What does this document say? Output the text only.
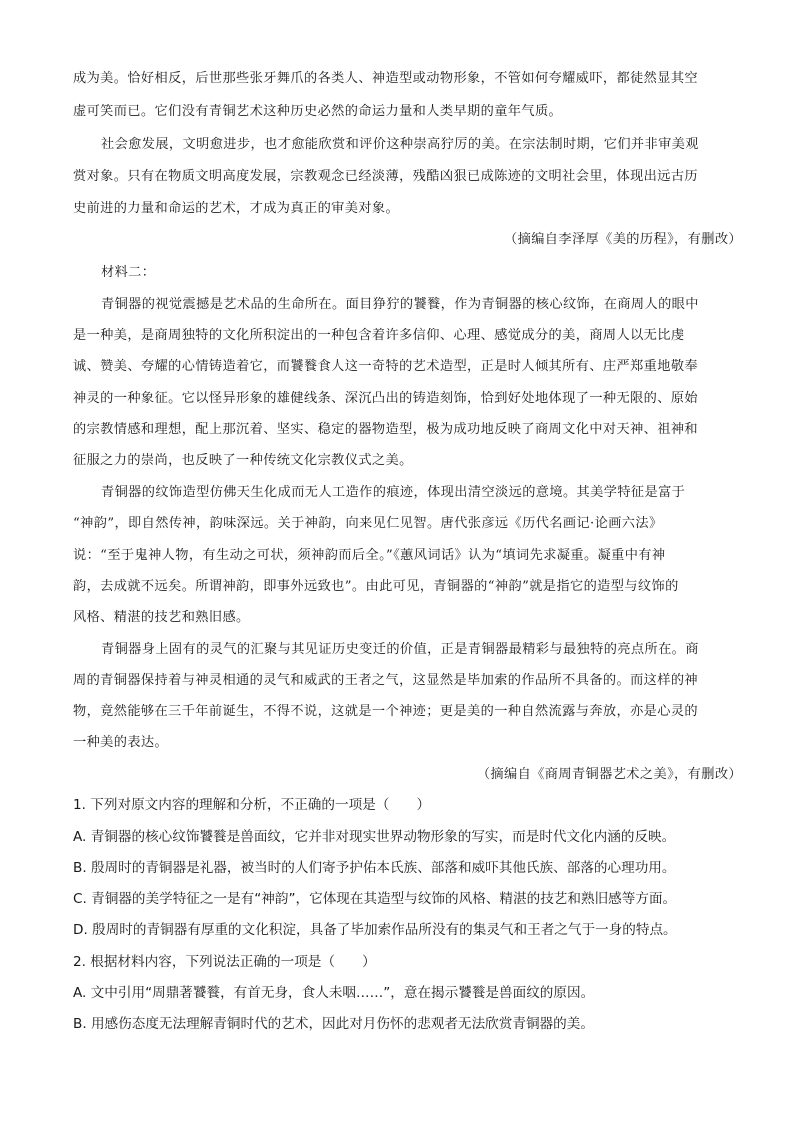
成为美。恰好相反，后世那些张牙舞爪的各类人、神造型或动物形象，不管如何夸耀威吓，都徒然显其空
虚可笑而已。它们没有青铜艺术这种历史必然的命运力量和人类早期的童年气质。
社会愈发展，文明愈进步，也才愈能欣赏和评价这种崇高狞厉的美。在宗法制时期，它们并非审美观
赏对象。只有在物质文明高度发展，宗教观念已经淡薄，残酷凶狠已成陈迹的文明社会里，体现出远古历
史前进的力量和命运的艺术，才成为真正的审美对象。
（摘编自李泽厚《美的历程》，有删改）
材料二：
青铜器的视觉震撼是艺术品的生命所在。面目狰狞的饕餮，作为青铜器的核心纹饰，在商周人的眼中
是一种美，是商周独特的文化所积淀出的一种包含着许多信仰、心理、感觉成分的美，商周人以无比虔
诚、赞美、夸耀的心情铸造着它，而饕餮食人这一奇特的艺术造型，正是时人倾其所有、庄严郑重地敬奉
神灵的一种象征。它以怪异形象的雄健线条、深沉凸出的铸造刻饰，恰到好处地体现了一种无限的、原始
的宗教情感和理想，配上那沉着、坚实、稳定的器物造型，极为成功地反映了商周文化中对天神、祖神和
征服之力的崇尚，也反映了一种传统文化宗教仪式之美。
青铜器的纹饰造型仿佛天生化成而无人工造作的痕迹，体现出清空淡远的意境。其美学特征是富于
“神韵”，即自然传神，韵味深远。关于神韵，向来见仁见智。唐代张彦远《历代名画记·论画六法》
说：“至于鬼神人物，有生动之可状，须神韵而后全。”《蕙风词话》认为“填词先求凝重。凝重中有神
韵，去成就不远矣。所谓神韵，即事外远致也”。由此可见，青铜器的“神韵”就是指它的造型与纹饰的
风格、精湛的技艺和熟旧感。
青铜器身上固有的灵气的汇聚与其见证历史变迁的价值，正是青铜器最精彩与最独特的亮点所在。商
周的青铜器保持着与神灵相通的灵气和威武的王者之气，这显然是毕加索的作品所不具备的。而这样的神
物，竟然能够在三千年前诞生，不得不说，这就是一个神迹；更是美的一种自然流露与奔放，亦是心灵的
一种美的表达。
（摘编自《商周青铜器艺术之美》，有删改）
1. 下列对原文内容的理解和分析，不正确的一项是（　　）
A. 青铜器的核心纹饰饕餮是兽面纹，它并非对现实世界动物形象的写实，而是时代文化内涵的反映。
B. 殷周时的青铜器是礼器，被当时的人们寄予护佑本氏族、部落和威吓其他氏族、部落的心理功用。
C. 青铜器的美学特征之一是有“神韵”，它体现在其造型与纹饰的风格、精湛的技艺和熟旧感等方面。
D. 殷周时的青铜器有厚重的文化积淀，具备了毕加索作品所没有的集灵气和王者之气于一身的特点。
2. 根据材料内容，下列说法正确的一项是（　　）
A. 文中引用“周鼎著饕餮，有首无身，食人未咽……”，意在揭示饕餮是兽面纹的原因。
B. 用感伤态度无法理解青铜时代的艺术，因此对月伤怀的悲观者无法欣赏青铜器的美。
